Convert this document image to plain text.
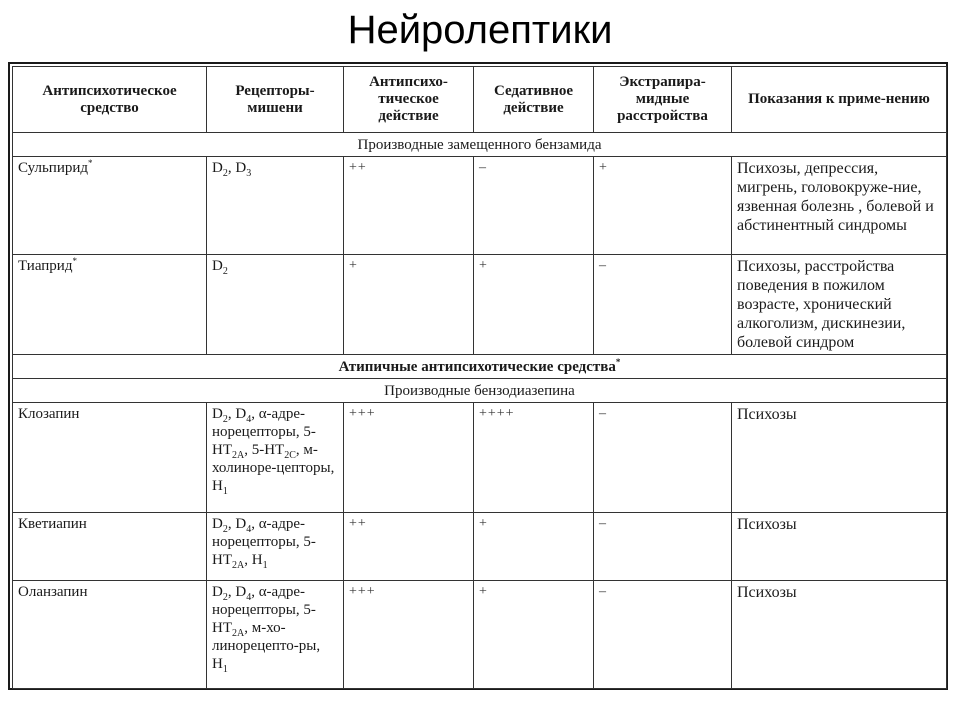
Нейролептики
Антипсихотическое средство	Рецепторы-мишени	Антипсихо-тическое действие	Седативное действие	Экстрапира-мидные расстройства	Показания к приме-нению
Производные замещенного бензамида					
Сульпирид*	$D_2$, $D_3$	++	–	+	Психозы, депрессия, мигрень, головокруже-ние, язвенная болезнь , болевой и абстинентный синдромы
Тиаприд*	$D_2$	+	+	–	Психозы, расстройства поведения в пожилом возрасте, хронический алкоголизм, дискинезии, болевой синдром
Атипичные антипсихотические средства*
Производные бензодиазепина					
Клозапин	$D_2$, $D_4$, α-адре-норецепторы, $5-HT_{2A}$, $5-HT_{2C}$, м-холиноре-цепторы, $H_1$	+++	++++	–	Психозы
Кветиапин	$D_2$, $D_4$, α-адре-норецепторы, $5-HT_{2A}$, $H_1$	++	+	–	Психозы
Оланзапин	$D_2$, $D_4$, α-адре-норецепторы, $5-HT_{2A}$, м-хо-линорецепто-ры, $H_1$	+++	+	–	Психозы
